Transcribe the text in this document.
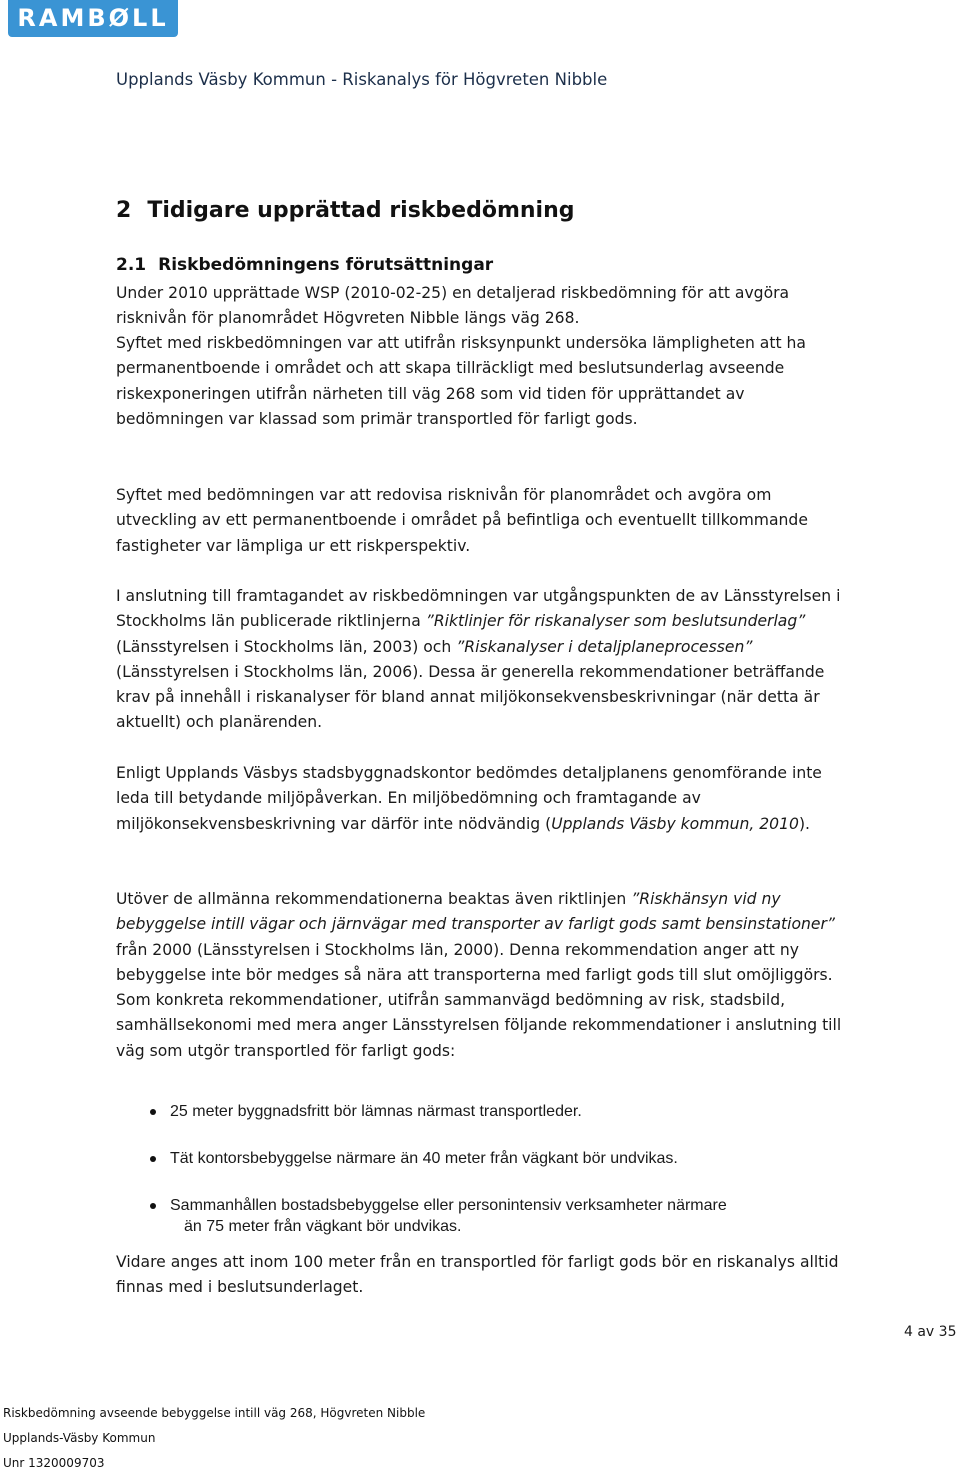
RAMBØLL
Upplands Väsby Kommun - Riskanalys för Högvreten Nibble
2 Tidigare upprättad riskbedömning
2.1 Riskbedömningens förutsättningar
Under 2010 upprättade WSP (2010-02-25) en detaljerad riskbedömning för att avgöra risknivån för planområdet Högvreten Nibble längs väg 268.
Syftet med riskbedömningen var att utifrån risksynpunkt undersöka lämpligheten att ha permanentboende i området och att skapa tillräckligt med beslutsunderlag avseende riskexponeringen utifrån närheten till väg 268 som vid tiden för upprättandet av bedömningen var klassad som primär transportled för farligt gods.
Syftet med bedömningen var att redovisa risknivån för planområdet och avgöra om utveckling av ett permanentboende i området på befintliga och eventuellt tillkommande fastigheter var lämpliga ur ett riskperspektiv.
I anslutning till framtagandet av riskbedömningen var utgångspunkten de av Länsstyrelsen i Stockholms län publicerade riktlinjerna ”Riktlinjer för riskanalyser som beslutsunderlag” (Länsstyrelsen i Stockholms län, 2003) och ”Riskanalyser i detaljplaneprocessen” (Länsstyrelsen i Stockholms län, 2006). Dessa är generella rekommendationer beträffande krav på innehåll i riskanalyser för bland annat miljökonsekvensbeskrivningar (när detta är aktuellt) och planärenden.
Enligt Upplands Väsbys stadsbyggnadskontor bedömdes detaljplanens genomförande inte leda till betydande miljöpåverkan. En miljöbedömning och framtagande av miljökonsekvensbeskrivning var därför inte nödvändig (Upplands Väsby kommun, 2010).
Utöver de allmänna rekommendationerna beaktas även riktlinjen ”Riskhänsyn vid ny bebyggelse intill vägar och järnvägar med transporter av farligt gods samt bensinstationer” från 2000 (Länsstyrelsen i Stockholms län, 2000). Denna rekommendation anger att ny bebyggelse inte bör medges så nära att transporterna med farligt gods till slut omöjliggörs. Som konkreta rekommendationer, utifrån sammanvägd bedömning av risk, stadsbild, samhällsekonomi med mera anger Länsstyrelsen följande rekommendationer i anslutning till väg som utgör transportled för farligt gods:
25 meter byggnadsfritt bör lämnas närmast transportleder.
Tät kontorsbebyggelse närmare än 40 meter från vägkant bör undvikas.
Sammanhållen bostadsbebyggelse eller personintensiv verksamheter närmare
än 75 meter från vägkant bör undvikas.
Vidare anges att inom 100 meter från en transportled för farligt gods bör en riskanalys alltid finnas med i beslutsunderlaget.
4 av 35
Riskbedömning avseende bebyggelse intill väg 268, Högvreten Nibble
Upplands-Väsby Kommun
Unr 1320009703
